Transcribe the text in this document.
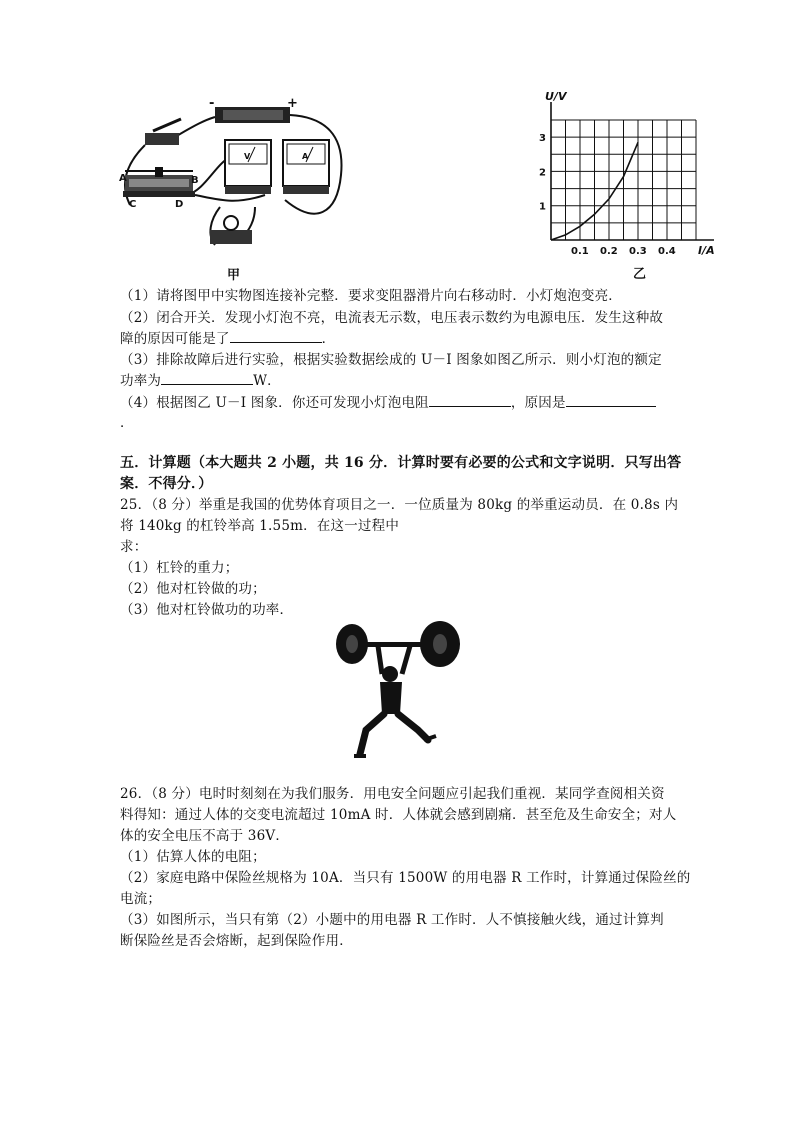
-	+
A
C	D
B
V	A
甲
0.1 0.2 0.3 0.4
1
2
3
I/A
U/V
乙
（1）请将图甲中实物图连接补完整．要求变阻器滑片向右移动时．小灯炮泡变亮．
（2）闭合开关．发现小灯泡不亮，电流表无示数，电压表示数约为电源电压．发生这种故
障的原因可能是了	．
（3）排除故障后进行实验，根据实验数据绘成的 U－I 图象如图乙所示．则小灯泡的额定
功率为	W．
（4）根据图乙 U－I 图象．你还可发现小灯泡电阻	，原因是
．
五．计算题（本大题共 2 小题，共 16 分．计算时要有必要的公式和文字说明．只写出答
案．不得分．）
25．（8 分）举重是我国的优势体育项目之一．一位质量为 80kg 的举重运动员．在 0.8s 内
将 140kg 的杠铃举高 1.55m．在这一过程中
求：
（1）杠铃的重力；
（2）他对杠铃做的功；
（3）他对杠铃做功的功率．
26．（8 分）电时时刻刻在为我们服务．用电安全问题应引起我们重视．某同学查阅相关资
料得知：通过人体的交变电流超过 10mA 时．人体就会感到剧痛．甚至危及生命安全；对人
体的安全电压不高于 36V．
（1）估算人体的电阻；
（2）家庭电路中保险丝规格为 10A．当只有 1500W 的用电器 R 工作时，计算通过保险丝的
电流；
（3）如图所示，当只有第（2）小题中的用电器 R 工作时．人不慎接触火线，通过计算判
断保险丝是否会熔断，起到保险作用．
